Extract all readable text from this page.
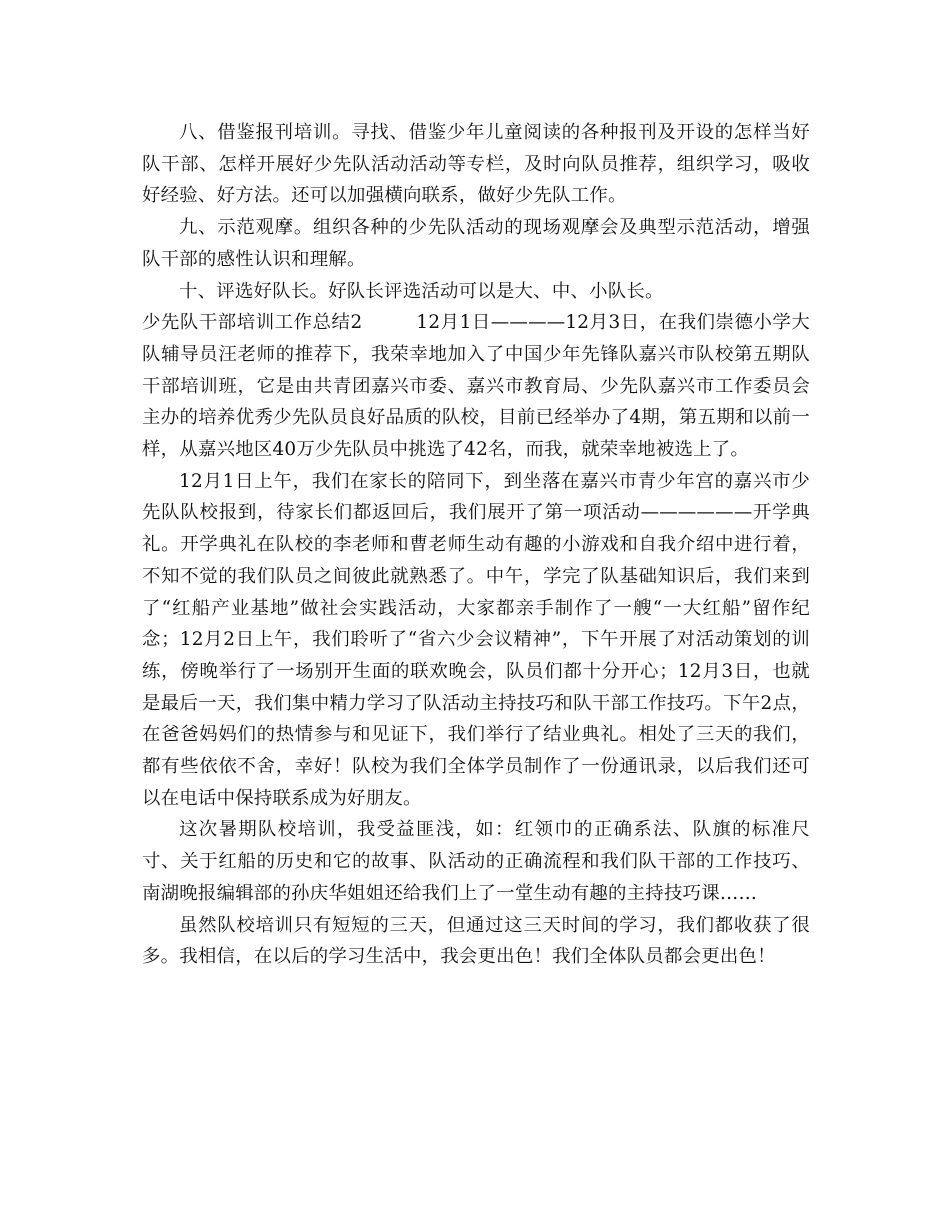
八、借鉴报刊培训。寻找、借鉴少年儿童阅读的各种报刊及开设的怎样当好队干部、怎样开展好少先队活动活动等专栏，及时向队员推荐，组织学习，吸收好经验、好方法。还可以加强横向联系，做好少先队工作。

九、示范观摩。组织各种的少先队活动的现场观摩会及典型示范活动，增强队干部的感性认识和理解。

十、评选好队长。好队长评选活动可以是大、中、小队长。

少先队干部培训工作总结2	12月1日————12月3日，在我们崇德小学大队辅导员汪老师的推荐下，我荣幸地加入了中国少年先锋队嘉兴市队校第五期队干部培训班，它是由共青团嘉兴市委、嘉兴市教育局、少先队嘉兴市工作委员会主办的培养优秀少先队员良好品质的队校，目前已经举办了4期，第五期和以前一样，从嘉兴地区40万少先队员中挑选了42名，而我，就荣幸地被选上了。

12月1日上午，我们在家长的陪同下，到坐落在嘉兴市青少年宫的嘉兴市少先队队校报到，待家长们都返回后，我们展开了第一项活动——————开学典礼。开学典礼在队校的李老师和曹老师生动有趣的小游戏和自我介绍中进行着，不知不觉的我们队员之间彼此就熟悉了。中午，学完了队基础知识后，我们来到了“红船产业基地”做社会实践活动，大家都亲手制作了一艘“一大红船”留作纪念；12月2日上午，我们聆听了“省六少会议精神”，下午开展了对活动策划的训练，傍晚举行了一场别开生面的联欢晚会，队员们都十分开心；12月3日，也就是最后一天，我们集中精力学习了队活动主持技巧和队干部工作技巧。下午2点，在爸爸妈妈们的热情参与和见证下，我们举行了结业典礼。相处了三天的我们，都有些依依不舍，幸好！队校为我们全体学员制作了一份通讯录，以后我们还可以在电话中保持联系成为好朋友。

这次暑期队校培训，我受益匪浅，如：红领巾的正确系法、队旗的标准尺寸、关于红船的历史和它的故事、队活动的正确流程和我们队干部的工作技巧、南湖晚报编辑部的孙庆华姐姐还给我们上了一堂生动有趣的主持技巧课……

虽然队校培训只有短短的三天，但通过这三天时间的学习，我们都收获了很多。我相信，在以后的学习生活中，我会更出色！我们全体队员都会更出色！
